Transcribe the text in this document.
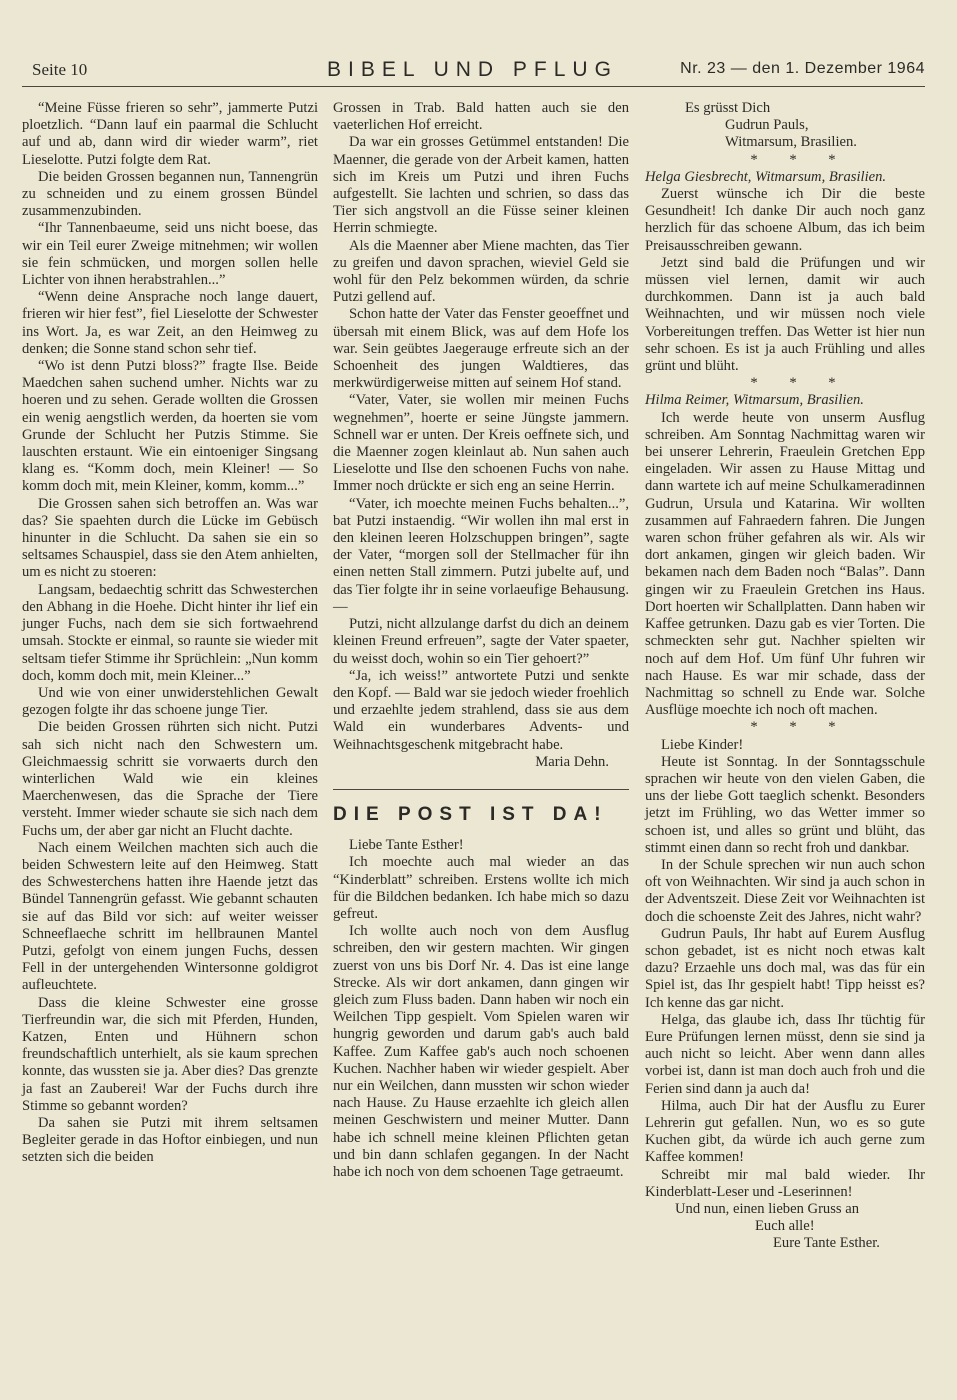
Seite 10	BIBEL UND PFLUG	Nr. 23 — den 1. Dezember 1964

“Meine Füsse frieren so sehr”, jammerte Putzi ploetzlich. “Dann lauf ein paarmal die Schlucht auf und ab, dann wird dir wieder warm”, riet Lieselotte. Putzi folgte dem Rat.

Die beiden Grossen begannen nun, Tannengrün zu schneiden und zu einem grossen Bündel zusammenzubinden.

“Ihr Tannenbaeume, seid uns nicht boese, das wir ein Teil eurer Zweige mitnehmen; wir wollen sie fein schmücken, und morgen sollen helle Lichter von ihnen herabstrahlen...”

“Wenn deine Ansprache noch lange dauert, frieren wir hier fest”, fiel Lieselotte der Schwester ins Wort. Ja, es war Zeit, an den Heimweg zu denken; die Sonne stand schon sehr tief.

“Wo ist denn Putzi bloss?” fragte Ilse. Beide Maedchen sahen suchend umher. Nichts war zu hoeren und zu sehen. Gerade wollten die Grossen ein wenig aengstlich werden, da hoerten sie vom Grunde der Schlucht her Putzis Stimme. Sie lauschten erstaunt. Wie ein eintoeniger Singsang klang es. “Komm doch, mein Kleiner! — So komm doch mit, mein Kleiner, komm, komm...”

Die Grossen sahen sich betroffen an. Was war das? Sie spaehten durch die Lücke im Gebüsch hinunter in die Schlucht. Da sahen sie ein so seltsames Schauspiel, dass sie den Atem anhielten, um es nicht zu stoeren:

Langsam, bedaechtig schritt das Schwesterchen den Abhang in die Hoehe. Dicht hinter ihr lief ein junger Fuchs, nach dem sie sich fortwaehrend umsah. Stockte er einmal, so raunte sie wieder mit seltsam tiefer Stimme ihr Sprüchlein: „Nun komm doch, komm doch mit, mein Kleiner...”

Und wie von einer unwiderstehlichen Gewalt gezogen folgte ihr das schoene junge Tier.

Die beiden Grossen rührten sich nicht. Putzi sah sich nicht nach den Schwestern um. Gleichmaessig schritt sie vorwaerts durch den winterlichen Wald wie ein kleines Maerchenwesen, das die Sprache der Tiere versteht. Immer wieder schaute sie sich nach dem Fuchs um, der aber gar nicht an Flucht dachte.

Nach einem Weilchen machten sich auch die beiden Schwestern leite auf den Heimweg. Statt des Schwesterchens hatten ihre Haende jetzt das Bündel Tannengrün gefasst. Wie gebannt schauten sie auf das Bild vor sich: auf weiter weisser Schneeflaeche schritt im hellbraunen Mantel Putzi, gefolgt von einem jungen Fuchs, dessen Fell in der untergehenden Wintersonne goldigrot aufleuchtete.

Dass die kleine Schwester eine grosse Tierfreundin war, die sich mit Pferden, Hunden, Katzen, Enten und Hühnern schon freundschaftlich unterhielt, als sie kaum sprechen konnte, das wussten sie ja. Aber dies? Das grenzte ja fast an Zauberei! War der Fuchs durch ihre Stimme so gebannt worden?

Da sahen sie Putzi mit ihrem seltsamen Begleiter gerade in das Hoftor einbiegen, und nun setzten sich die beiden

Grossen in Trab. Bald hatten auch sie den vaeterlichen Hof erreicht.

Da war ein grosses Getümmel entstanden! Die Maenner, die gerade von der Arbeit kamen, hatten sich im Kreis um Putzi und ihren Fuchs aufgestellt. Sie lachten und schrien, so dass das Tier sich angstvoll an die Füsse seiner kleinen Herrin schmiegte.

Als die Maenner aber Miene machten, das Tier zu greifen und davon sprachen, wieviel Geld sie wohl für den Pelz bekommen würden, da schrie Putzi gellend auf.

Schon hatte der Vater das Fenster geoeffnet und übersah mit einem Blick, was auf dem Hofe los war. Sein geübtes Jaegerauge erfreute sich an der Schoenheit des jungen Waldtieres, das merkwürdigerweise mitten auf seinem Hof stand.

“Vater, Vater, sie wollen mir meinen Fuchs wegnehmen”, hoerte er seine Jüngste jammern. Schnell war er unten. Der Kreis oeffnete sich, und die Maenner zogen kleinlaut ab. Nun sahen auch Lieselotte und Ilse den schoenen Fuchs von nahe. Immer noch drückte er sich eng an seine Herrin.

“Vater, ich moechte meinen Fuchs behalten...”, bat Putzi instaendig. “Wir wollen ihn mal erst in den kleinen leeren Holzschuppen bringen”, sagte der Vater, “morgen soll der Stellmacher für ihn einen netten Stall zimmern. Putzi jubelte auf, und das Tier folgte ihr in seine vorlaeufige Behausung. —

Putzi, nicht allzulange darfst du dich an deinem kleinen Freund erfreuen”, sagte der Vater spaeter, du weisst doch, wohin so ein Tier gehoert?”

“Ja, ich weiss!” antwortete Putzi und senkte den Kopf. — Bald war sie jedoch wieder froehlich und erzaehlte jedem strahlend, dass sie aus dem Wald ein wunderbares Advents- und Weihnachtsgeschenk mitgebracht habe.

Maria Dehn.

DIE POST IST DA!

Liebe Tante Esther!

Ich moechte auch mal wieder an das “Kinderblatt” schreiben. Erstens wollte ich mich für die Bildchen bedanken. Ich habe mich so dazu gefreut.

Ich wollte auch noch von dem Ausflug schreiben, den wir gestern machten. Wir gingen zuerst von uns bis Dorf Nr. 4. Das ist eine lange Strecke. Als wir dort ankamen, dann gingen wir gleich zum Fluss baden. Dann haben wir noch ein Weilchen Tipp gespielt. Vom Spielen waren wir hungrig geworden und darum gab's auch bald Kaffee. Zum Kaffee gab's auch noch schoenen Kuchen. Nachher haben wir wieder gespielt. Aber nur ein Weilchen, dann mussten wir schon wieder nach Hause. Zu Hause erzaehlte ich gleich allen meinen Geschwistern und meiner Mutter. Dann habe ich schnell meine kleinen Pflichten getan und bin dann schlafen gegangen. In der Nacht habe ich noch von dem schoenen Tage getraeumt.

Es grüsst Dich
Gudrun Pauls,
Witmarsum, Brasilien.
* * *

Helga Giesbrecht, Witmarsum, Brasilien.

Zuerst wünsche ich Dir die beste Gesundheit! Ich danke Dir auch noch ganz herzlich für das schoene Album, das ich beim Preisausschreiben gewann.

Jetzt sind bald die Prüfungen und wir müssen viel lernen, damit wir auch durchkommen. Dann ist ja auch bald Weihnachten, und wir müssen noch viele Vorbereitungen treffen. Das Wetter ist hier nun sehr schoen. Es ist ja auch Frühling und alles grünt und blüht.

* * *

Hilma Reimer, Witmarsum, Brasilien.

Ich werde heute von unserm Ausflug schreiben. Am Sonntag Nachmittag waren wir bei unserer Lehrerin, Fraeulein Gretchen Epp eingeladen. Wir assen zu Hause Mittag und dann wartete ich auf meine Schulkameradinnen Gudrun, Ursula und Katarina. Wir wollten zusammen auf Fahraedern fahren. Die Jungen waren schon früher gefahren als wir. Als wir dort ankamen, gingen wir gleich baden. Wir bekamen nach dem Baden noch “Balas”. Dann gingen wir zu Fraeulein Gretchen ins Haus. Dort hoerten wir Schallplatten. Dann haben wir Kaffee getrunken. Dazu gab es vier Torten. Die schmeckten sehr gut. Nachher spielten wir noch auf dem Hof. Um fünf Uhr fuhren wir nach Hause. Es war mir schade, dass der Nachmittag so schnell zu Ende war. Solche Ausflüge moechte ich noch oft machen.

* * *

Liebe Kinder!

Heute ist Sonntag. In der Sonntagsschule sprachen wir heute von den vielen Gaben, die uns der liebe Gott taeglich schenkt. Besonders jetzt im Frühling, wo das Wetter immer so schoen ist, und alles so grünt und blüht, das stimmt einen dann so recht froh und dankbar.

In der Schule sprechen wir nun auch schon oft von Weihnachten. Wir sind ja auch schon in der Adventszeit. Diese Zeit vor Weihnachten ist doch die schoenste Zeit des Jahres, nicht wahr?

Gudrun Pauls, Ihr habt auf Eurem Ausflug schon gebadet, ist es nicht noch etwas kalt dazu? Erzaehle uns doch mal, was das für ein Spiel ist, das Ihr gespielt habt! Tipp heisst es? Ich kenne das gar nicht.

Helga, das glaube ich, dass Ihr tüchtig für Eure Prüfungen lernen müsst, denn sie sind ja auch nicht so leicht. Aber wenn dann alles vorbei ist, dann ist man doch auch froh und die Ferien sind dann ja auch da!

Hilma, auch Dir hat der Ausflu zu Eurer Lehrerin gut gefallen. Nun, wo es so gute Kuchen gibt, da würde ich auch gerne zum Kaffee kommen!

Schreibt mir mal bald wieder. Ihr Kinderblatt-Leser und -Leserinnen!

Und nun, einen lieben Gruss an

Euch alle!

Eure Tante Esther.
